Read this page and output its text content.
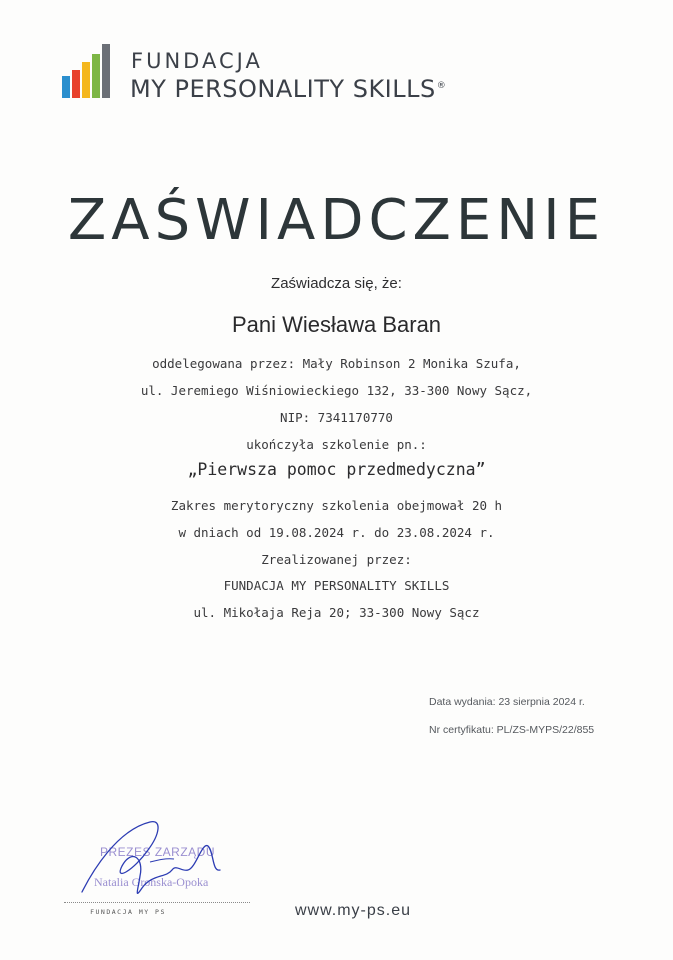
FUNDACJA
MY PERSONALITY SKILLS®
ZAŚWIADCZENIE
Zaświadcza się, że:
Pani Wiesława Baran
oddelegowana przez: Mały Robinson 2 Monika Szufa,
ul. Jeremiego Wiśniowieckiego 132, 33-300 Nowy Sącz,
NIP: 7341170770
ukończyła szkolenie pn.:
„Pierwsza pomoc przedmedyczna”
Zakres merytoryczny szkolenia obejmował 20 h
w dniach od 19.08.2024 r. do 23.08.2024 r.
Zrealizowanej przez:
FUNDACJA MY PERSONALITY SKILLS
ul. Mikołaja Reja 20; 33-300 Nowy Sącz
Data wydania: 23 sierpnia 2024 r.
Nr certyfikatu: PL/ZS-MYPS/22/855
PREZES ZARZĄDU
Natalia Grońska-Opoka
FUNDACJA MY PS	www.my-ps.eu
